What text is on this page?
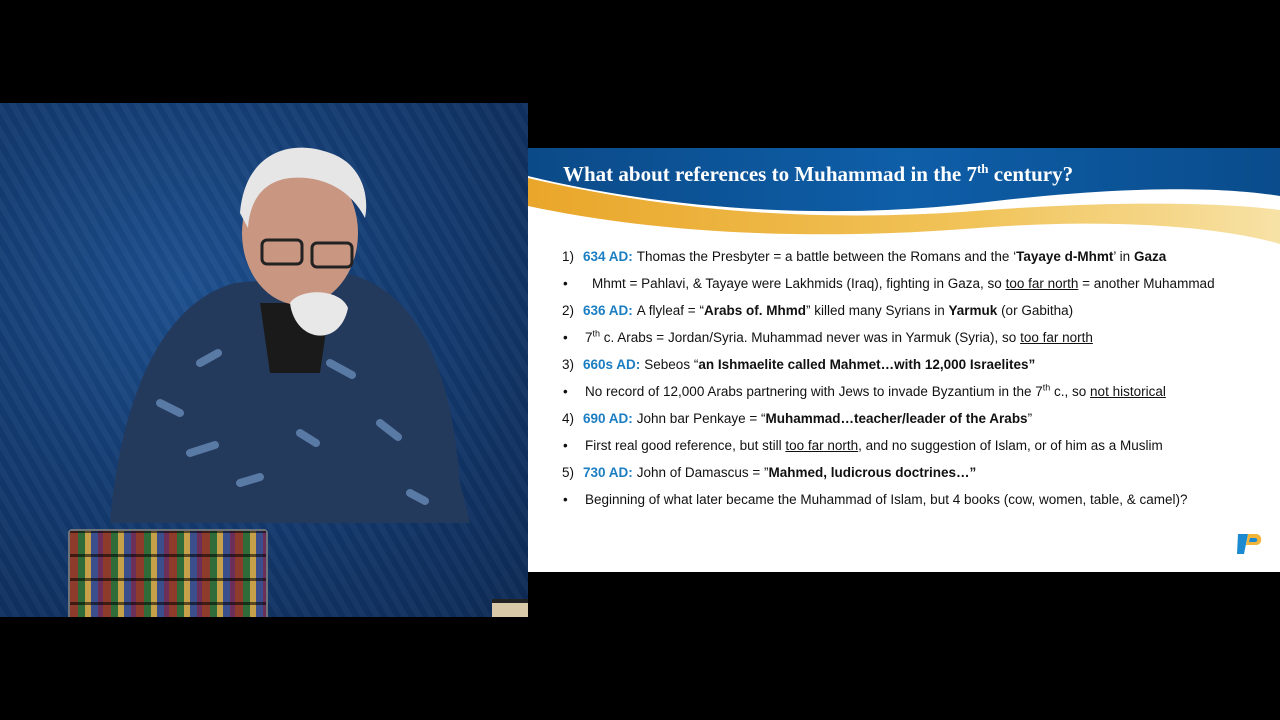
What about references to Muhammad in the 7th century?
1) 634 AD: Thomas the Presbyter = a battle between the Romans and the ‘Tayaye d-Mhmt’ in Gaza
•	Mhmt = Pahlavi, & Tayaye were Lakhmids (Iraq), fighting in Gaza, so too far north = another Muhammad
2) 636 AD: A flyleaf = “Arabs of. Mhmd” killed many Syrians in Yarmuk (or Gabitha)
•	7th c. Arabs = Jordan/Syria. Muhammad never was in Yarmuk (Syria), so too far north
3) 660s AD: Sebeos “an Ishmaelite called Mahmet…with 12,000 Israelites”
•	No record of 12,000 Arabs partnering with Jews to invade Byzantium in the 7th c., so not historical
4) 690 AD: John bar Penkaye = “Muhammad…teacher/leader of the Arabs”
•	First real good reference, but still too far north, and no suggestion of Islam, or of him as a Muslim
5) 730 AD: John of Damascus = ”Mahmed, ludicrous doctrines…”
•	Beginning of what later became the Muhammad of Islam, but 4 books (cow, women, table, & camel)?
